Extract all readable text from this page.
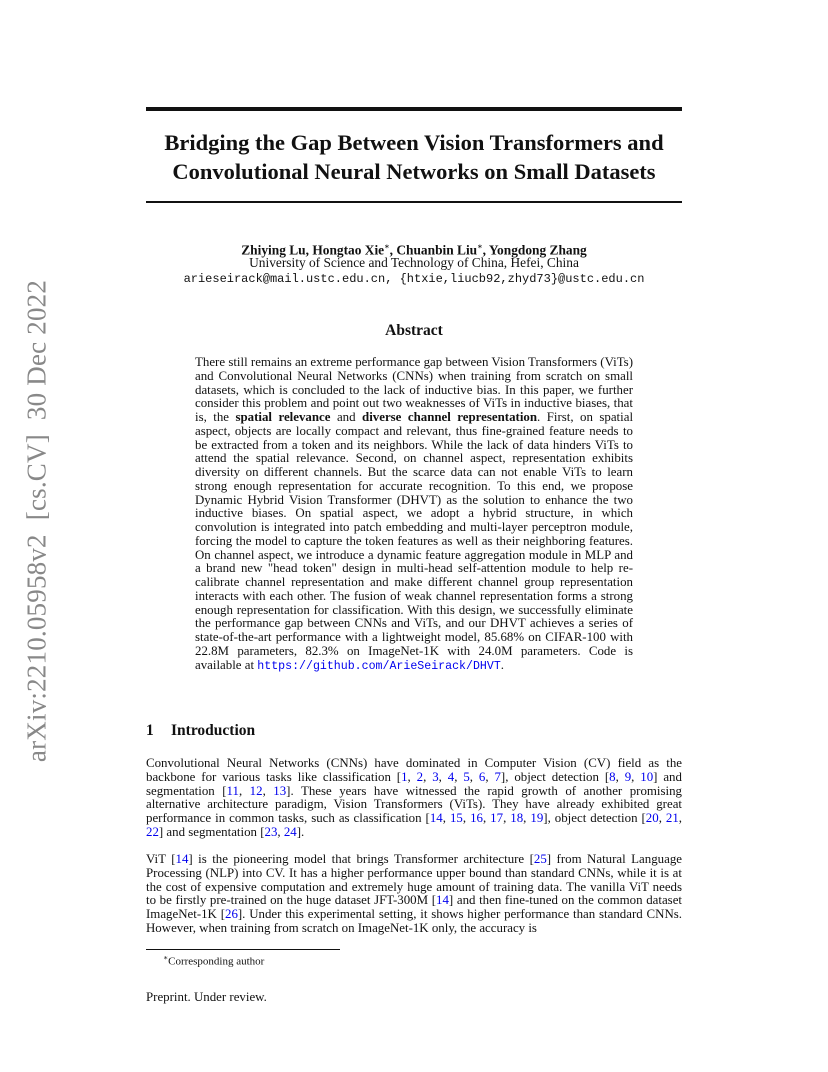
arXiv:2210.05958v2[cs.CV]30 Dec 2022
Bridging the Gap Between Vision Transformers and
Convolutional Neural Networks on Small Datasets
Zhiying Lu, Hongtao Xie∗, Chuanbin Liu∗, Yongdong Zhang
University of Science and Technology of China, Hefei, China
arieseirack@mail.ustc.edu.cn, {htxie,liucb92,zhyd73}@ustc.edu.cn
Abstract

There still remains an extreme performance gap between Vision Transformers (ViTs) and Convolutional Neural Networks (CNNs) when training from scratch on small datasets, which is concluded to the lack of inductive bias. In this paper, we further consider this problem and point out two weaknesses of ViTs in inductive biases, that is, the spatial relevance and diverse channel representation. First, on spatial aspect, objects are locally compact and relevant, thus fine-grained feature needs to be extracted from a token and its neighbors. While the lack of data hinders ViTs to attend the spatial relevance. Second, on channel aspect, representation exhibits diversity on different channels. But the scarce data can not enable ViTs to learn strong enough representation for accurate recognition. To this end, we propose Dynamic Hybrid Vision Transformer (DHVT) as the solution to enhance the two inductive biases. On spatial aspect, we adopt a hybrid structure, in which convolution is integrated into patch embedding and multi-layer perceptron module, forcing the model to capture the token features as well as their neighboring features. On channel aspect, we introduce a dynamic feature aggregation module in MLP and a brand new "head token" design in multi-head self-attention module to help re-calibrate channel representation and make different channel group representation interacts with each other. The fusion of weak channel representation forms a strong enough representation for classification. With this design, we successfully eliminate the performance gap between CNNs and ViTs, and our DHVT achieves a series of state-of-the-art performance with a lightweight model, 85.68% on CIFAR-100 with 22.8M parameters, 82.3% on ImageNet-1K with 24.0M parameters. Code is available at https://github.com/ArieSeirack/DHVT.

1 Introduction

Convolutional Neural Networks (CNNs) have dominated in Computer Vision (CV) field as the backbone for various tasks like classification [1, 2, 3, 4, 5, 6, 7], object detection [8, 9, 10] and segmentation [11, 12, 13]. These years have witnessed the rapid growth of another promising alternative architecture paradigm, Vision Transformers (ViTs). They have already exhibited great performance in common tasks, such as classification [14, 15, 16, 17, 18, 19], object detection [20, 21, 22] and segmentation [23, 24].

ViT [14] is the pioneering model that brings Transformer architecture [25] from Natural Language Processing (NLP) into CV. It has a higher performance upper bound than standard CNNs, while it is at the cost of expensive computation and extremely huge amount of training data. The vanilla ViT needs to be firstly pre-trained on the huge dataset JFT-300M [14] and then fine-tuned on the common dataset ImageNet-1K [26]. Under this experimental setting, it shows higher performance than standard CNNs. However, when training from scratch on ImageNet-1K only, the accuracy is

∗Corresponding author
Preprint. Under review.
